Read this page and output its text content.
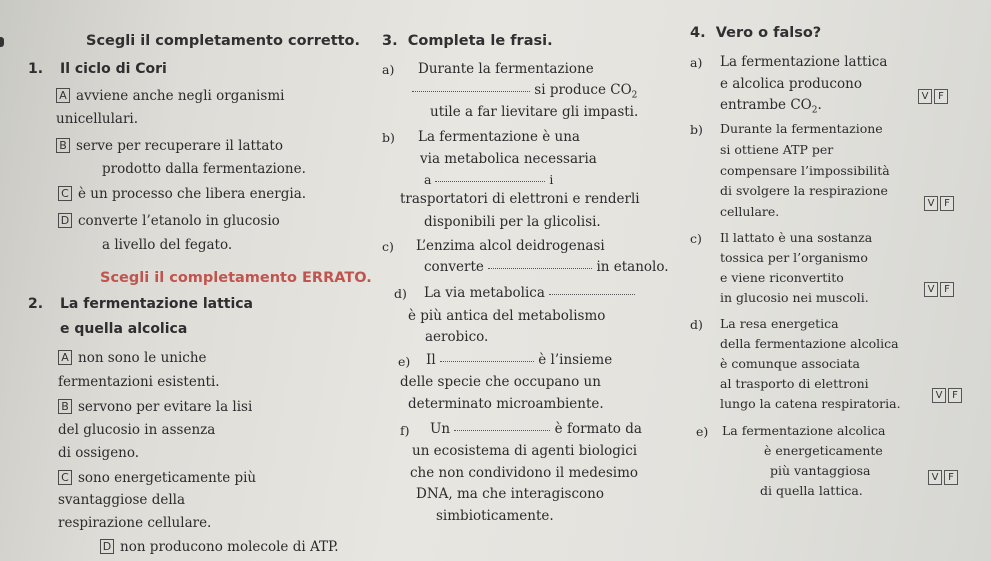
Scegli il completamento corretto.
1. Il ciclo di Cori
A avviene anche negli organismi
unicellulari.
B serve per recuperare il lattato
prodotto dalla fermentazione.
C è un processo che libera energia.
D converte l’etanolo in glucosio
a livello del fegato.
Scegli il completamento ERRATO.
2. La fermentazione lattica
e quella alcolica
A non sono le uniche
fermentazioni esistenti.
B servono per evitare la lisi
del glucosio in assenza
di ossigeno.
C sono energeticamente più
svantaggiose della
respirazione cellulare.
D non producono molecole di ATP.
3. Completa le frasi.
a) Durante la fermentazione
si produce $CO_2$
utile a far lievitare gli impasti.
b) La fermentazione è una
via metabolica necessaria
a	i
trasportatori di elettroni e renderli
disponibili per la glicolisi.
c) L’enzima alcol deidrogenasi
converte	in etanolo.
d) La via metabolica
è più antica del metabolismo
aerobico.
e) Il	è l’insieme
delle specie che occupano un
determinato microambiente.
f) Un	è formato da
un ecosistema di agenti biologici
che non condividono il medesimo
DNA, ma che interagiscono
simbioticamente.
4. Vero o falso?
a) La fermentazione lattica
e alcolica producono
entrambe $CO_2$.
V F
b) Durante la fermentazione
si ottiene ATP per
compensare l’impossibilità
di svolgere la respirazione
cellulare.
V F
c) Il lattato è una sostanza
tossica per l’organismo
e viene riconvertito
in glucosio nei muscoli.
V F
d) La resa energetica
della fermentazione alcolica
è comunque associata
al trasporto di elettroni
lungo la catena respiratoria.
V F
e) La fermentazione alcolica
è energeticamente
più vantaggiosa
di quella lattica.
V F
